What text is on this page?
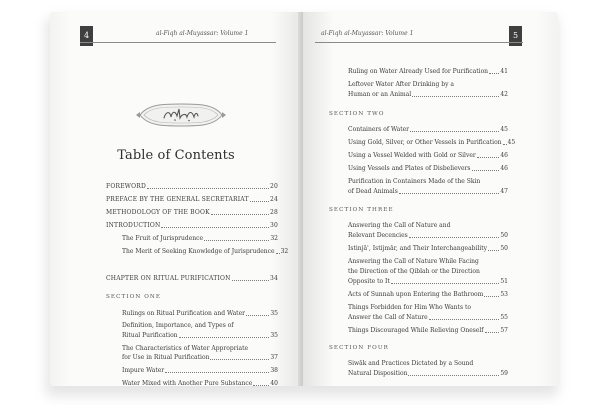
4	al-Fiqh al-Muyassar: Volume 1
Table of Contents
FOREWORD	20
PREFACE BY THE GENERAL SECRETARIAT	24
METHODOLOGY OF THE BOOK	28
INTRODUCTION	30
The Fruit of Jurisprudence	32
The Merit of Seeking Knowledge of Jurisprudence 32
CHAPTER ON RITUAL PURIFICATION	34
SECTION ONE
Rulings on Ritual Purification and Water	35
Definition, Importance, and Types of
Ritual Purification	35
The Characteristics of Water Appropriate
for Use in Ritual Purification	37
Impure Water	38
Water Mixed with Another Pure Substance	40
al-Fiqh al-Muyassar: Volume 1	5
Ruling on Water Already Used for Purification 41
Leftover Water After Drinking by a
Human or an Animal	42
SECTION TWO
Containers of Water	45
Using Gold, Silver, or Other Vessels in Purification 45
Using a Vessel Welded with Gold or Silver	46
Using Vessels and Plates of Disbelievers	46
Purification in Containers Made of the Skin
of Dead Animals	47
SECTION THREE
Answering the Call of Nature and
Relevant Decencies	50
Istinjāʾ, Istijmār, and Their Interchangeability 50
Answering the Call of Nature While Facing
the Direction of the Qiblah or the Direction
Opposite to It	51
Acts of Sunnah upon Entering the Bathroom	53
Things Forbidden for Him Who Wants to
Answer the Call of Nature	55
Things Discouraged While Relieving Oneself	57
SECTION FOUR
Siwāk and Practices Dictated by a Sound
Natural Disposition	59
